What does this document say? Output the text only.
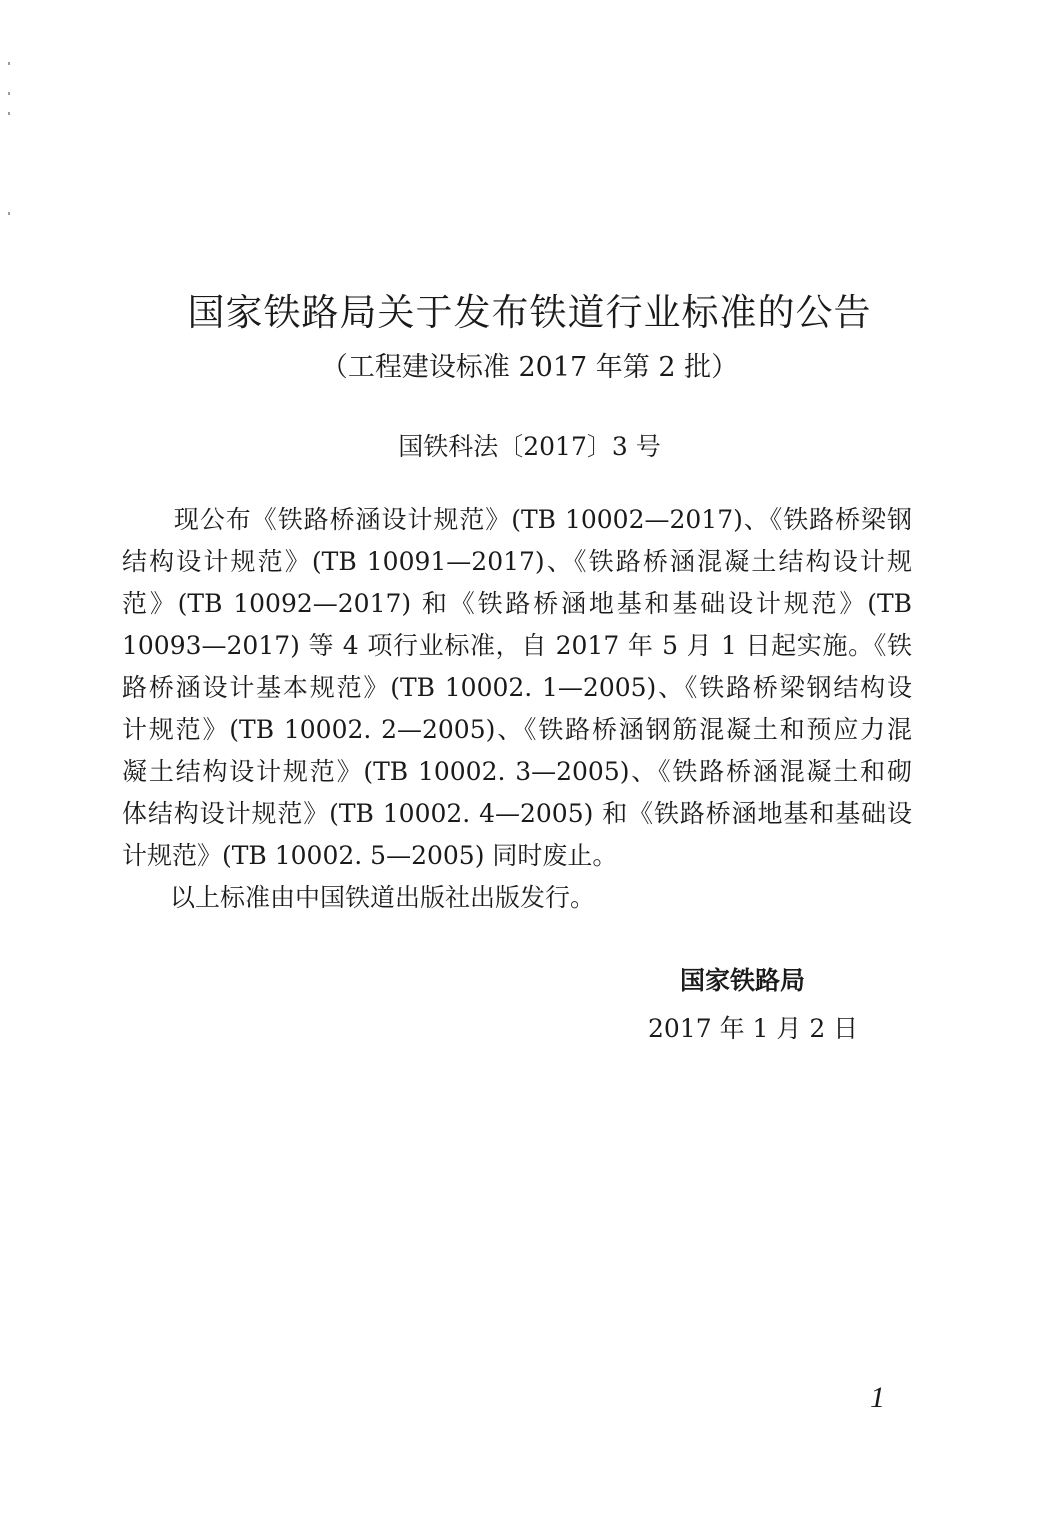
国家铁路局关于发布铁道行业标准的公告
（工程建设标准 2017 年第 2 批）
国铁科法〔2017〕3 号
　　现公布《铁路桥涵设计规范》(TB 10002—2017)、《铁路桥梁钢
结构设计规范》(TB 10091—2017)、《铁路桥涵混凝土结构设计规
范》(TB 10092—2017) 和《铁路桥涵地基和基础设计规范》(TB
10093—2017) 等 4 项行业标准，自 2017 年 5 月 1 日起实施。《铁
路桥涵设计基本规范》(TB 10002. 1—2005)、《铁路桥梁钢结构设
计规范》(TB 10002. 2—2005)、《铁路桥涵钢筋混凝土和预应力混
凝土结构设计规范》(TB 10002. 3—2005)、《铁路桥涵混凝土和砌
体结构设计规范》(TB 10002. 4—2005) 和《铁路桥涵地基和基础设
计规范》(TB 10002. 5—2005) 同时废止。
以上标准由中国铁道出版社出版发行。
国家铁路局
2017 年 1 月 2 日
1
